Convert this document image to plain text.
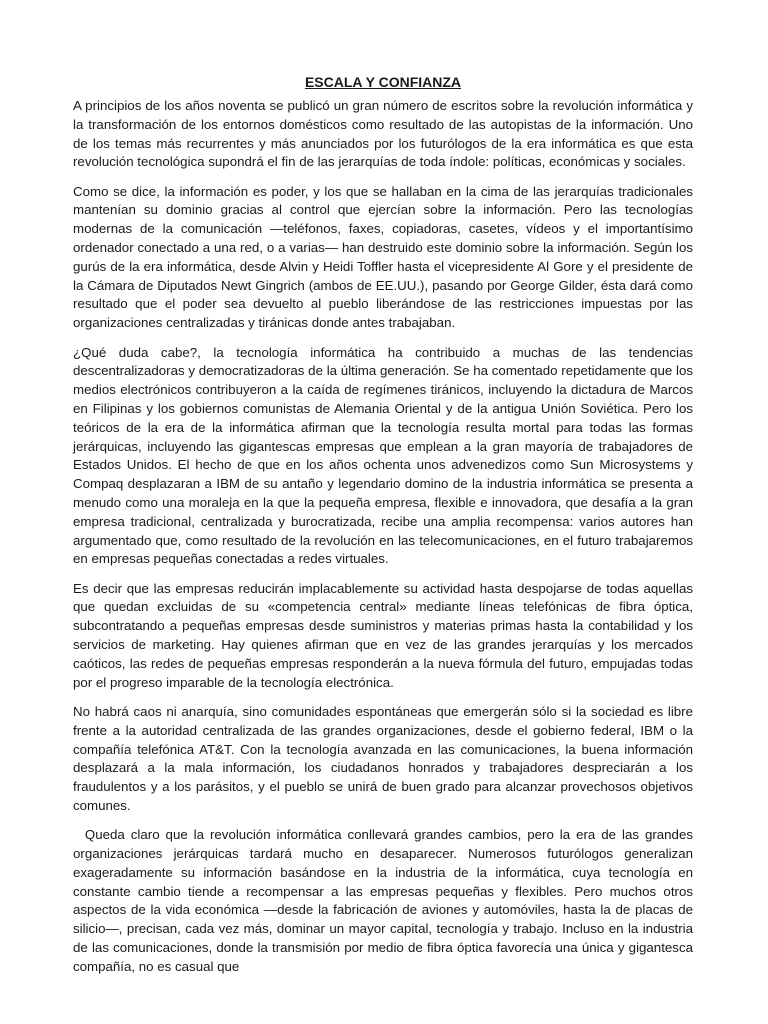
ESCALA Y CONFIANZA

A principios de los años noventa se publicó un gran número de escritos sobre la revolución informática y la transformación de los entornos domésticos como resultado de las autopistas de la información. Uno de los temas más recurrentes y más anunciados por los futurólogos de la era informática es que esta revolución tecnológica supondrá el fin de las jerarquías de toda índole: políticas, económicas y sociales.

Como se dice, la información es poder, y los que se hallaban en la cima de las jerarquías tradicionales mantenían su dominio gracias al control que ejercían sobre la información. Pero las tecnologías modernas de la comunicación —teléfonos, faxes, copiadoras, casetes, vídeos y el importantísimo ordenador conectado a una red, o a varias— han destruido este dominio sobre la información. Según los gurús de la era informática, desde Alvin y Heidi Toffler hasta el vicepresidente Al Gore y el presidente de la Cámara de Diputados Newt Gingrich (ambos de EE.UU.), pasando por George Gilder, ésta dará como resultado que el poder sea devuelto al pueblo liberándose de las restricciones impuestas por las organizaciones centralizadas y tiránicas donde antes trabajaban.

¿Qué duda cabe?, la tecnología informática ha contribuido a muchas de las tendencias descentralizadoras y democratizadoras de la última generación. Se ha comentado repetidamente que los medios electrónicos contribuyeron a la caída de regímenes tiránicos, incluyendo la dictadura de Marcos en Filipinas y los gobiernos comunistas de Alemania Oriental y de la antigua Unión Soviética. Pero los teóricos de la era de la informática afirman que la tecnología resulta mortal para todas las formas jerárquicas, incluyendo las gigantescas empresas que emplean a la gran mayoría de trabajadores de Estados Unidos. El hecho de que en los años ochenta unos advenedizos como Sun Microsystems y Compaq desplazaran a IBM de su antaño y legendario domino de la industria informática se presenta a menudo como una moraleja en la que la pequeña empresa, flexible e innovadora, que desafía a la gran empresa tradicional, centralizada y burocratizada, recibe una amplia recompensa: varios autores han argumentado que, como resultado de la revolución en las telecomunicaciones, en el futuro trabajaremos en empresas pequeñas conectadas a redes virtuales.

Es decir que las empresas reducirán implacablemente su actividad hasta despojarse de todas aquellas que quedan excluidas de su «competencia central» mediante líneas telefónicas de fibra óptica, subcontratando a pequeñas empresas desde suministros y materias primas hasta la contabilidad y los servicios de marketing. Hay quienes afirman que en vez de las grandes jerarquías y los mercados caóticos, las redes de pequeñas empresas responderán a la nueva fórmula del futuro, empujadas todas por el progreso imparable de la tecnología electrónica.

No habrá caos ni anarquía, sino comunidades espontáneas que emergerán sólo si la sociedad es libre frente a la autoridad centralizada de las grandes organizaciones, desde el gobierno federal, IBM o la compañía telefónica AT&T. Con la tecnología avanzada en las comunicaciones, la buena información desplazará a la mala información, los ciudadanos honrados y trabajadores despreciarán a los fraudulentos y a los parásitos, y el pueblo se unirá de buen grado para alcanzar provechosos objetivos comunes.

Queda claro que la revolución informática conllevará grandes cambios, pero la era de las grandes organizaciones jerárquicas tardará mucho en desaparecer. Numerosos futurólogos generalizan exageradamente su información basándose en la industria de la informática, cuya tecnología en constante cambio tiende a recompensar a las empresas pequeñas y flexibles. Pero muchos otros aspectos de la vida económica —desde la fabricación de aviones y automóviles, hasta la de placas de silicio—, precisan, cada vez más, dominar un mayor capital, tecnología y trabajo. Incluso en la industria de las comunicaciones, donde la transmisión por medio de fibra óptica favorecía una única y gigantesca compañía, no es casual que
